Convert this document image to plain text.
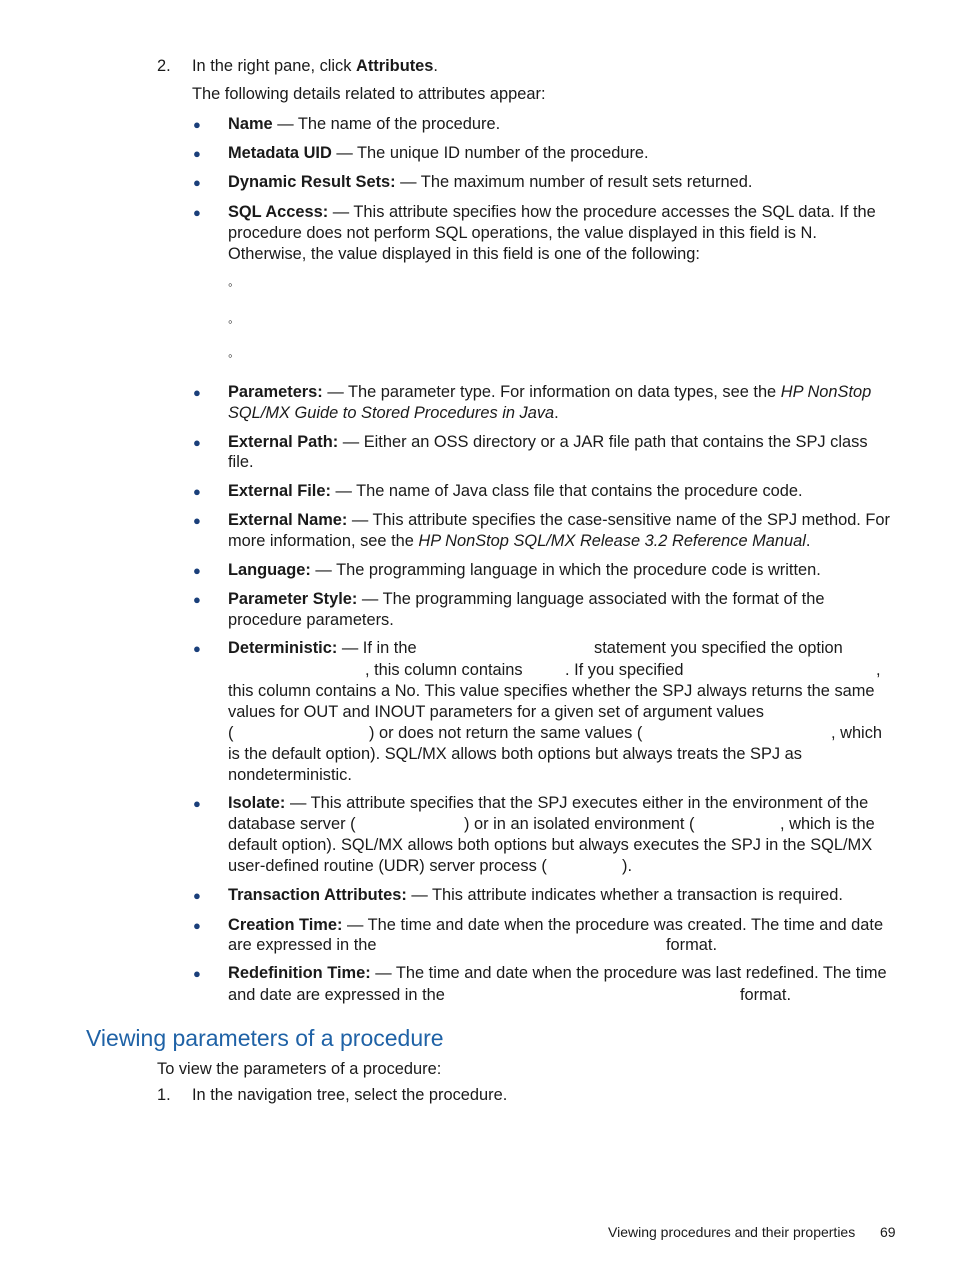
2. In the right pane, click Attributes.
The following details related to attributes appear:
● Name — The name of the procedure.
● Metadata UID — The unique ID number of the procedure.
● Dynamic Result Sets: — The maximum number of result sets returned.
● SQL Access: — This attribute specifies how the procedure accesses the SQL data. If the
procedure does not perform SQL operations, the value displayed in this field is N.
Otherwise, the value displayed in this field is one of the following:
◦
◦
◦
● Parameters: — The parameter type. For information on data types, see the HP NonStop
SQL/MX Guide to Stored Procedures in Java.
● External Path: — Either an OSS directory or a JAR file path that contains the SPJ class
file.
● External File: — The name of Java class file that contains the procedure code.
● External Name: — This attribute specifies the case-sensitive name of the SPJ method. For
more information, see the HP NonStop SQL/MX Release 3.2 Reference Manual.
● Language: — The programming language in which the procedure code is written.
● Parameter Style: — The programming language associated with the format of the
procedure parameters.
● Deterministic: — If in the	statement you specified the option
, this column contains	. If you specified	,
this column contains a No. This value specifies whether the SPJ always returns the same
values for OUT and INOUT parameters for a given set of argument values
(	) or does not return the same values (	, which
is the default option). SQL/MX allows both options but always treats the SPJ as
nondeterministic.
● Isolate: — This attribute specifies that the SPJ executes either in the environment of the
database server (	) or in an isolated environment (	, which is the
default option). SQL/MX allows both options but always executes the SPJ in the SQL/MX
user-defined routine (UDR) server process (	).
● Transaction Attributes: — This attribute indicates whether a transaction is required.
● Creation Time: — The time and date when the procedure was created. The time and date
are expressed in the	format.
● Redefinition Time: — The time and date when the procedure was last redefined. The time
and date are expressed in the	format.
Viewing parameters of a procedure
To view the parameters of a procedure:
1. In the navigation tree, select the procedure.
Viewing procedures and their properties 69
